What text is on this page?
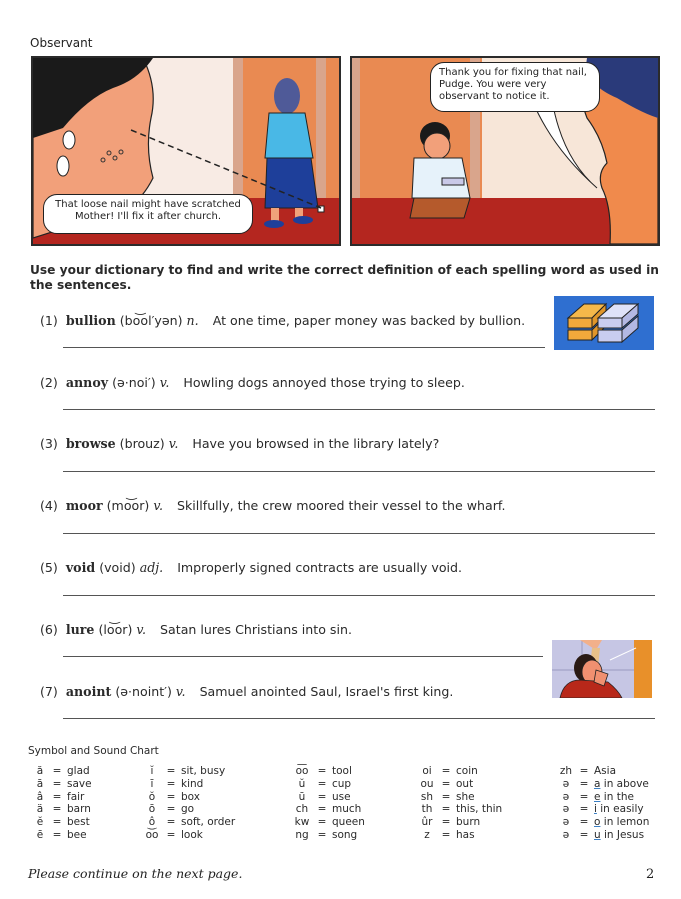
Observant
That loose nail might have scratched Mother! I'll fix it after church.
Thank you for fixing that nail, Pudge. You were very observant to notice it.
Use your dictionary to find and write the correct definition of each spelling word as used in the sentences.
(1) bullion (bo͝ol′yən) n. At one time, paper money was backed by bullion.
(2) annoy (ə·noi′) v. Howling dogs annoyed those trying to sleep.
(3) browse (brouz) v. Have you browsed in the library lately?
(4) moor (mo͝or) v. Skillfully, the crew moored their vessel to the wharf.
(5) void (void) adj. Improperly signed contracts are usually void.
(6) lure (lo͝or) v. Satan lures Christians into sin.
(7) anoint (ə·noint′) v. Samuel anointed Saul, Israel's first king.
Symbol and Sound Chart
ă = glad
ā = save
â = fair
ä = barn
ĕ = best
ē = bee
ĭ	= sit, busy
ī	= kind
ŏ	= box
ō	= go
ô	= soft, order
o͝o = look
o͞o = tool
ŭ	= cup
ū	= use
ch = much
kw = queen
ng = song
oi = coin
ou = out
sh = she
th = this, thin
ûr = burn
z	= has
zh = Asia
ə = a in above
ə = e in the
ə = i in easily
ə = o in lemon
ə = u in Jesus
Please continue on the next page.	2
